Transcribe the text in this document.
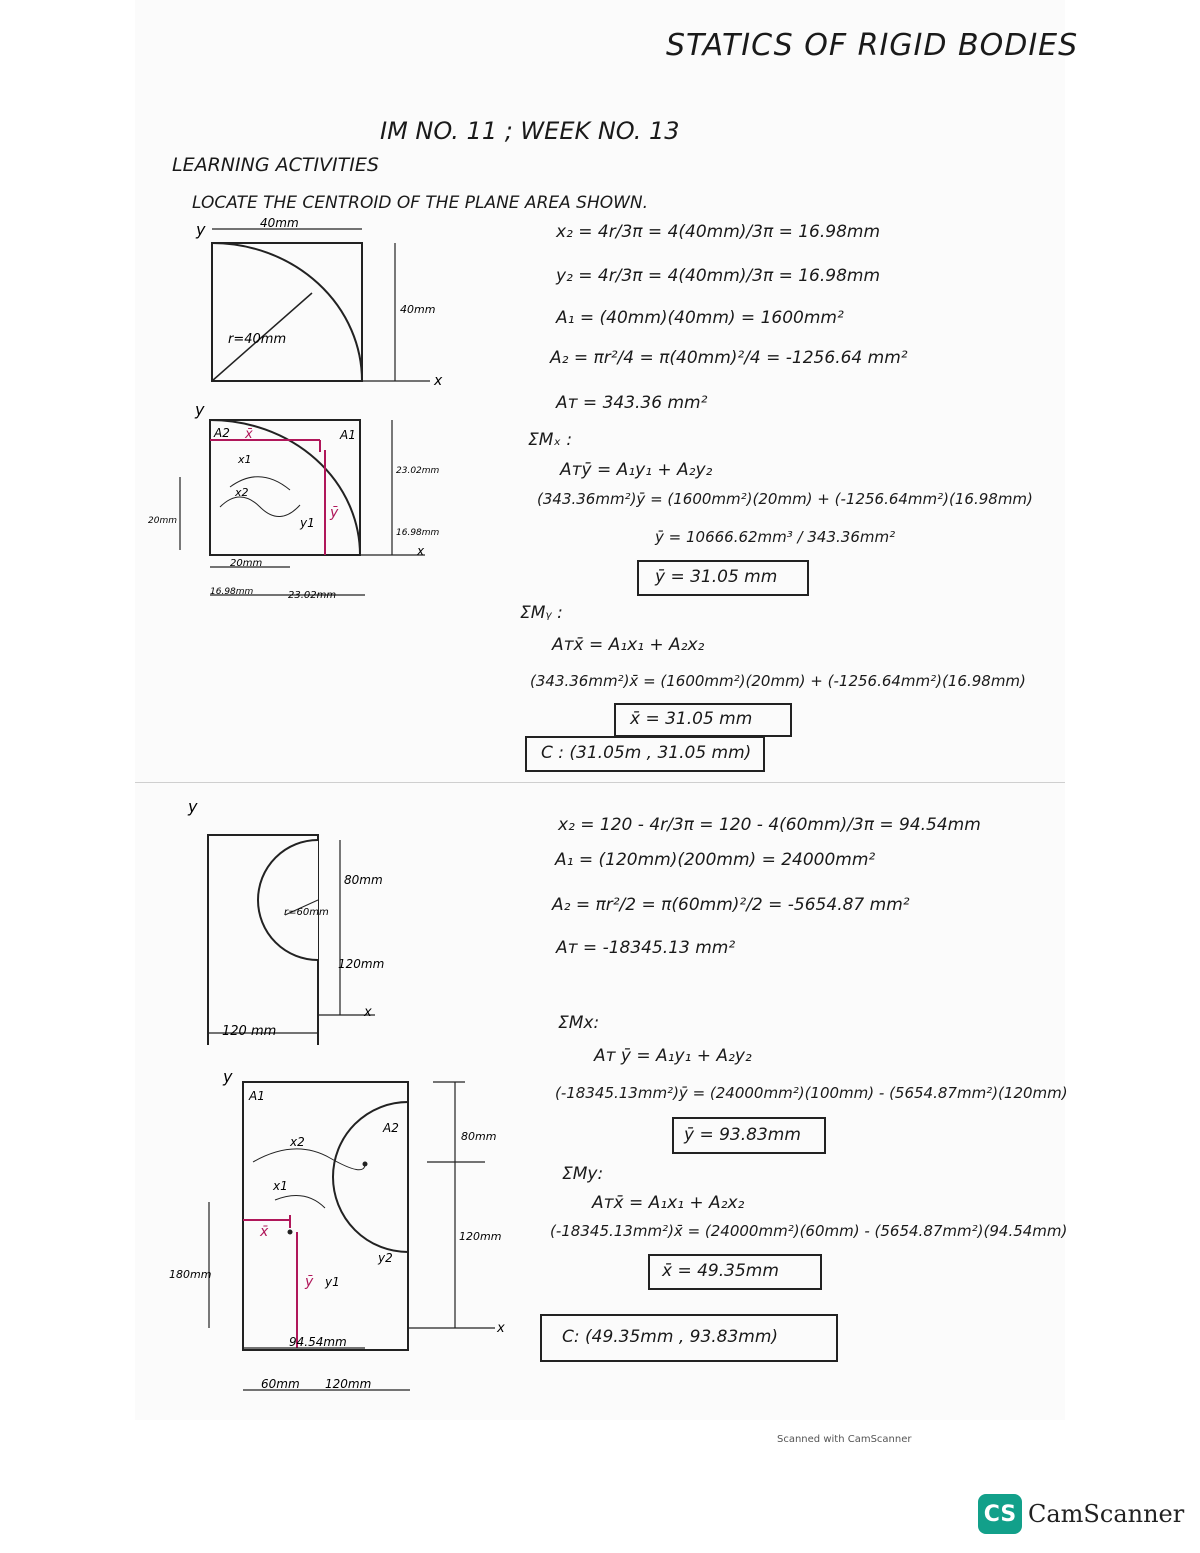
STATICS OF RIGID BODIES
IM NO. 11 ; WEEK NO. 13
LEARNING ACTIVITIES
LOCATE THE CENTROID OF THE PLANE AREA SHOWN.
y	40mm
40mm
r=40mm
x
y
A2 x̄	A1
x1
x2
ȳ
y1
23.02mm
16.98mm
20mm
20mm
16.98mm	23.02mm
x
x₂ = 4r/3π = 4(40mm)/3π = 16.98mm
y₂ = 4r/3π = 4(40mm)/3π = 16.98mm
A₁ = (40mm)(40mm) = 1600mm²
A₂ = πr²/4 = π(40mm)²/4 = -1256.64 mm²
Aᴛ = 343.36 mm²
ΣMₓ :
Aᴛȳ = A₁y₁ + A₂y₂
(343.36mm²)ȳ = (1600mm²)(20mm) + (-1256.64mm²)(16.98mm)
ȳ = 10666.62mm³ / 343.36mm²
ȳ = 31.05 mm
ΣMᵧ :
Aᴛx̄ = A₁x₁ + A₂x₂
(343.36mm²)x̄ = (1600mm²)(20mm) + (-1256.64mm²)(16.98mm)
x̄ = 31.05 mm
C : (31.05m , 31.05 mm)
y
80mm
120mm
r=60mm
120 mm
x
y
A1
A2
x2
x1
x̄
ȳ y1
y2
80mm
120mm
180mm
94.54mm
60mm 120mm
x
x₂ = 120 - 4r/3π = 120 - 4(60mm)/3π = 94.54mm
A₁ = (120mm)(200mm) = 24000mm²
A₂ = πr²/2 = π(60mm)²/2 = -5654.87 mm²
Aᴛ = -18345.13 mm²
ΣMx:
Aᴛ ȳ = A₁y₁ + A₂y₂
(-18345.13mm²)ȳ = (24000mm²)(100mm) - (5654.87mm²)(120mm)
ȳ = 93.83mm
ΣMy:
Aᴛx̄ = A₁x₁ + A₂x₂
(-18345.13mm²)x̄ = (24000mm²)(60mm) - (5654.87mm²)(94.54mm)
x̄ = 49.35mm
C: (49.35mm , 93.83mm)
Scanned with CamScanner
CS CamScanner
